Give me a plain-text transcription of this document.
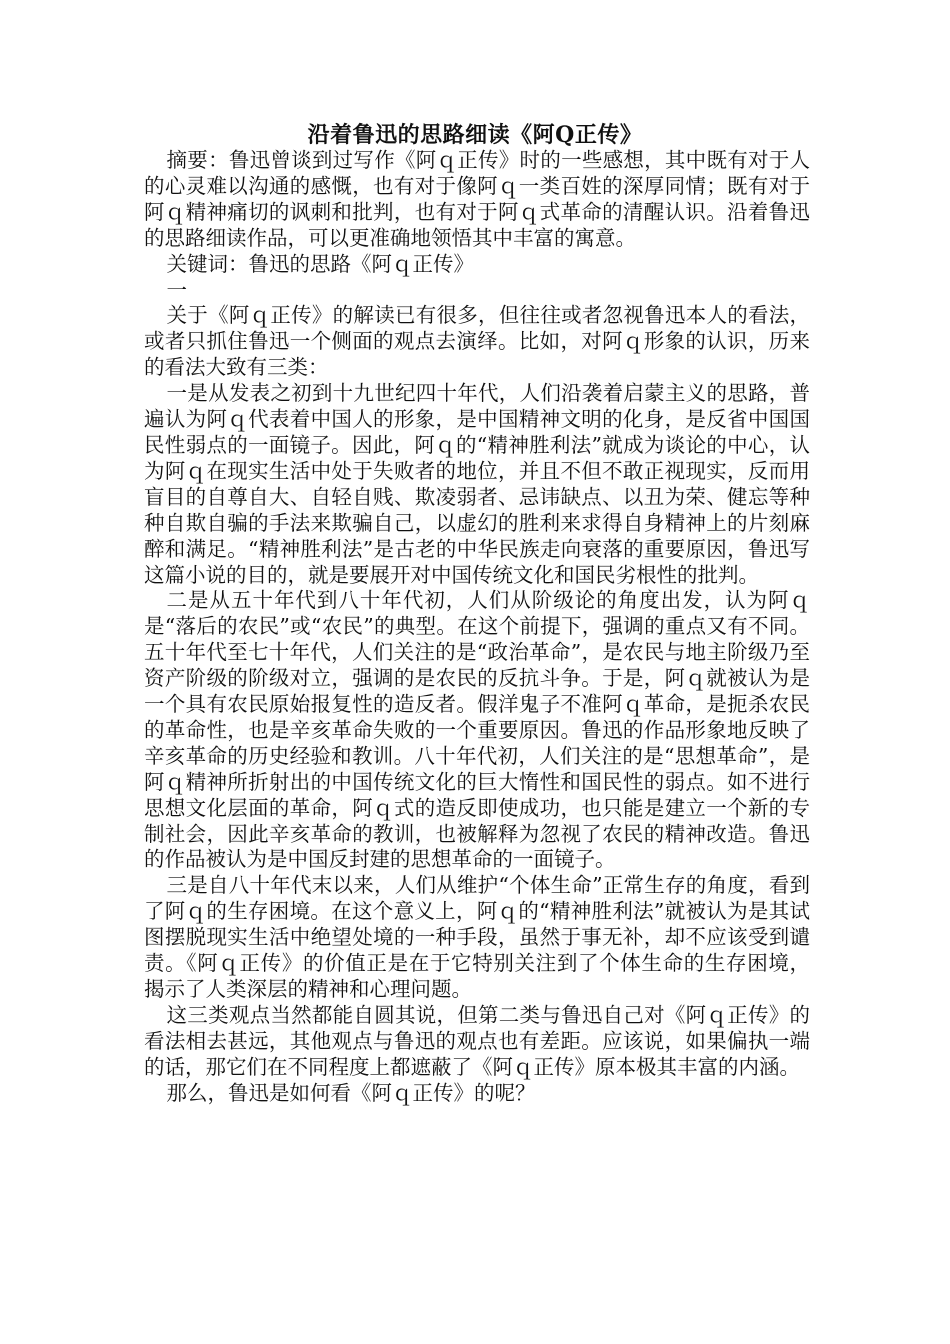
沿着鲁迅的思路细读《阿Q正传》

摘要：鲁迅曾谈到过写作《阿ｑ正传》时的一些感想，其中既有对于人的心灵难以沟通的感慨，也有对于像阿ｑ一类百姓的深厚同情；既有对于阿ｑ精神痛切的讽刺和批判，也有对于阿ｑ式革命的清醒认识。沿着鲁迅的思路细读作品，可以更准确地领悟其中丰富的寓意。

关键词：鲁迅的思路《阿ｑ正传》

一

关于《阿ｑ正传》的解读已有很多，但往往或者忽视鲁迅本人的看法，或者只抓住鲁迅一个侧面的观点去演绎。比如，对阿ｑ形象的认识，历来的看法大致有三类：

一是从发表之初到十九世纪四十年代，人们沿袭着启蒙主义的思路，普遍认为阿ｑ代表着中国人的形象，是中国精神文明的化身，是反省中国国民性弱点的一面镜子。因此，阿ｑ的“精神胜利法”就成为谈论的中心，认为阿ｑ在现实生活中处于失败者的地位，并且不但不敢正视现实，反而用盲目的自尊自大、自轻自贱、欺凌弱者、忌讳缺点、以丑为荣、健忘等种种自欺自骗的手法来欺骗自己，以虚幻的胜利来求得自身精神上的片刻麻醉和满足。“精神胜利法”是古老的中华民族走向衰落的重要原因，鲁迅写这篇小说的目的，就是要展开对中国传统文化和国民劣根性的批判。

二是从五十年代到八十年代初，人们从阶级论的角度出发，认为阿ｑ是“落后的农民”或“农民”的典型。在这个前提下，强调的重点又有不同。五十年代至七十年代，人们关注的是“政治革命”，是农民与地主阶级乃至资产阶级的阶级对立，强调的是农民的反抗斗争。于是，阿ｑ就被认为是一个具有农民原始报复性的造反者。假洋鬼子不准阿ｑ革命，是扼杀农民的革命性，也是辛亥革命失败的一个重要原因。鲁迅的作品形象地反映了辛亥革命的历史经验和教训。八十年代初，人们关注的是“思想革命”，是阿ｑ精神所折射出的中国传统文化的巨大惰性和国民性的弱点。如不进行思想文化层面的革命，阿ｑ式的造反即使成功，也只能是建立一个新的专制社会，因此辛亥革命的教训，也被解释为忽视了农民的精神改造。鲁迅的作品被认为是中国反封建的思想革命的一面镜子。

三是自八十年代末以来，人们从维护“个体生命”正常生存的角度，看到了阿ｑ的生存困境。在这个意义上，阿ｑ的“精神胜利法”就被认为是其试图摆脱现实生活中绝望处境的一种手段，虽然于事无补，却不应该受到谴责。《阿ｑ正传》的价值正是在于它特别关注到了个体生命的生存困境，揭示了人类深层的精神和心理问题。

这三类观点当然都能自圆其说，但第二类与鲁迅自己对《阿ｑ正传》的看法相去甚远，其他观点与鲁迅的观点也有差距。应该说，如果偏执一端的话，那它们在不同程度上都遮蔽了《阿ｑ正传》原本极其丰富的内涵。

那么，鲁迅是如何看《阿ｑ正传》的呢？
